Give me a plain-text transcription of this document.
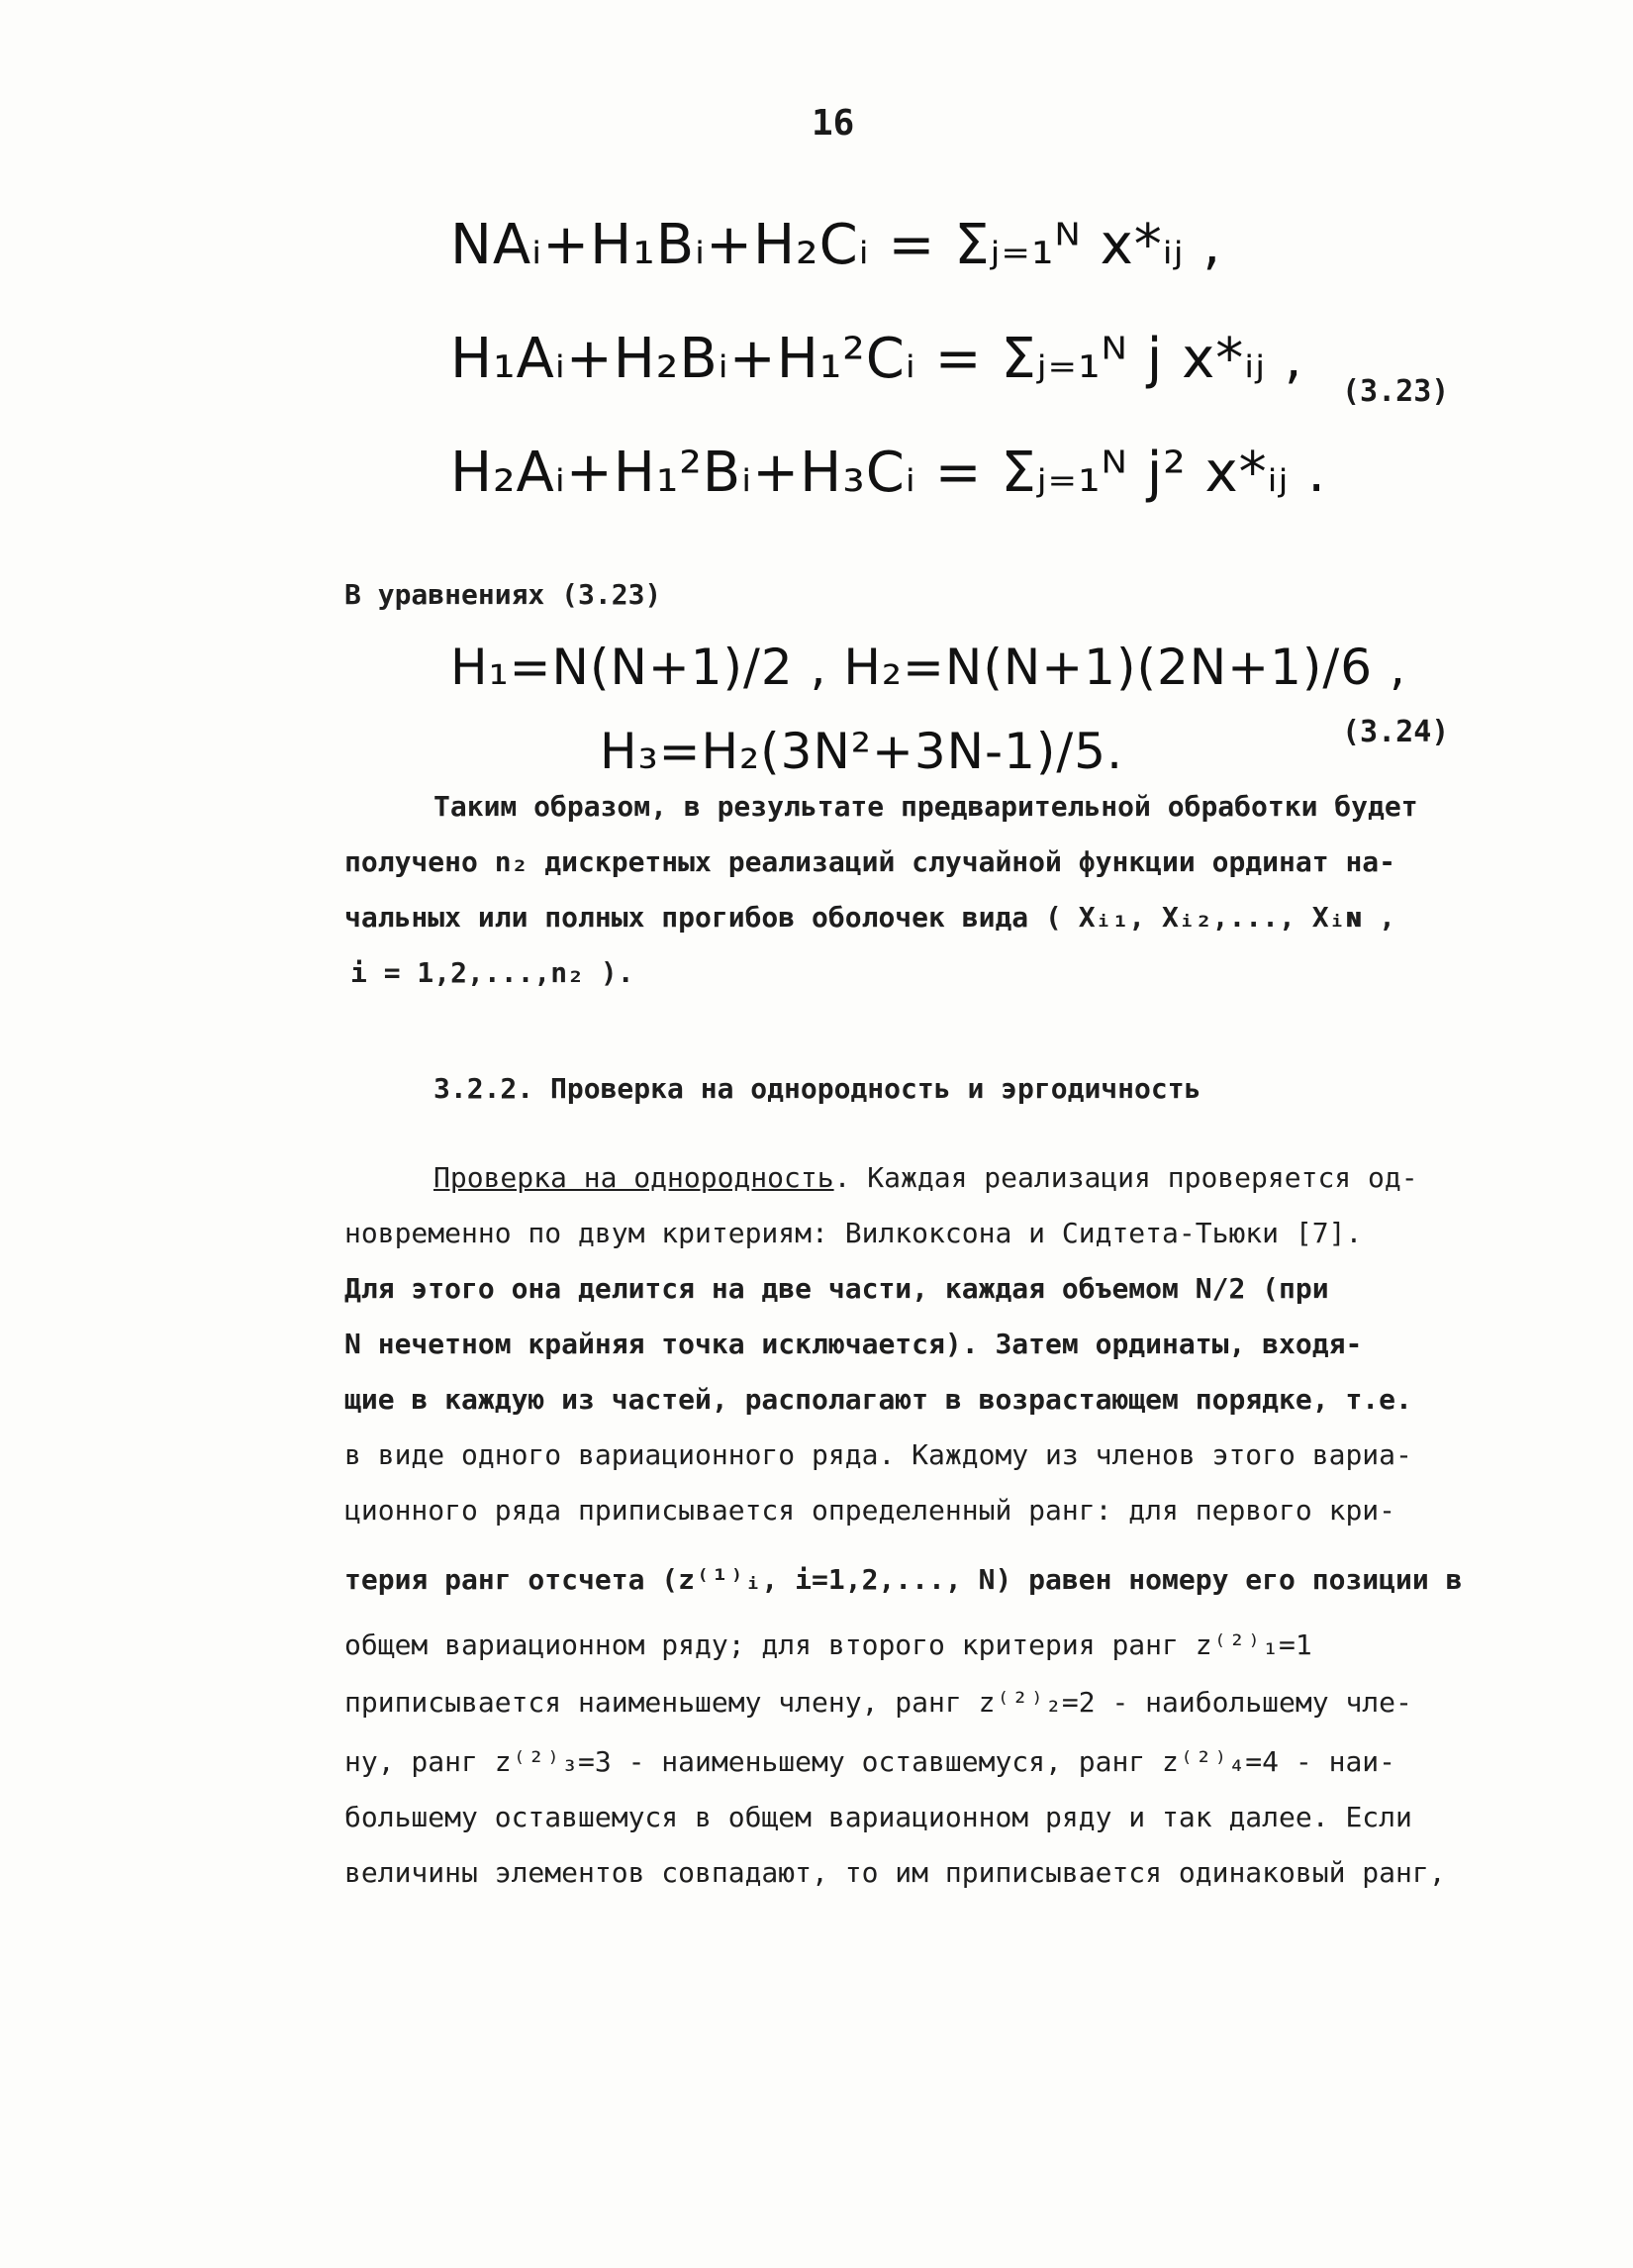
16
NAᵢ+H₁Bᵢ+H₂Cᵢ = Σⱼ₌₁ᴺ x*ᵢⱼ ,
H₁Aᵢ+H₂Bᵢ+H₁²Cᵢ = Σⱼ₌₁ᴺ j x*ᵢⱼ ,
H₂Aᵢ+H₁²Bᵢ+H₃Cᵢ = Σⱼ₌₁ᴺ j² x*ᵢⱼ .
(3.23)
В уравнениях (3.23)
H₁=N(N+1)/2 , H₂=N(N+1)(2N+1)/6 ,
H₃=H₂(3N²+3N-1)/5.	(3.24)
Таким образом, в результате предварительной обработки будет
получено n₂ дискретных реализаций случайной функции ординат на-
чальных или полных прогибов оболочек вида ( Xᵢ₁, Xᵢ₂,..., Xᵢɴ ,
i = 1,2,...,n₂ ).
3.2.2. Проверка на однородность и эргодичность
Проверка на однородность. Каждая реализация проверяется од-
новременно по двум критериям: Вилкоксона и Сидтета-Тьюки [7].
Для этого она делится на две части, каждая объемом N/2 (при
N нечетном крайняя точка исключается). Затем ординаты, входя-
щие в каждую из частей, располагают в возрастающем порядке, т.е.
в виде одного вариационного ряда. Каждому из членов этого вариа-
ционного ряда приписывается определенный ранг: для первого кри-
терия ранг отсчета (z⁽¹⁾ᵢ, i=1,2,..., N) равен номеру его позиции в
общем вариационном ряду; для второго критерия ранг z⁽²⁾₁=1
приписывается наименьшему члену, ранг z⁽²⁾₂=2 - наибольшему чле-
ну, ранг z⁽²⁾₃=3 - наименьшему оставшемуся, ранг z⁽²⁾₄=4 - наи-
большему оставшемуся в общем вариационном ряду и так далее. Если
величины элементов совпадают, то им приписывается одинаковый ранг,
